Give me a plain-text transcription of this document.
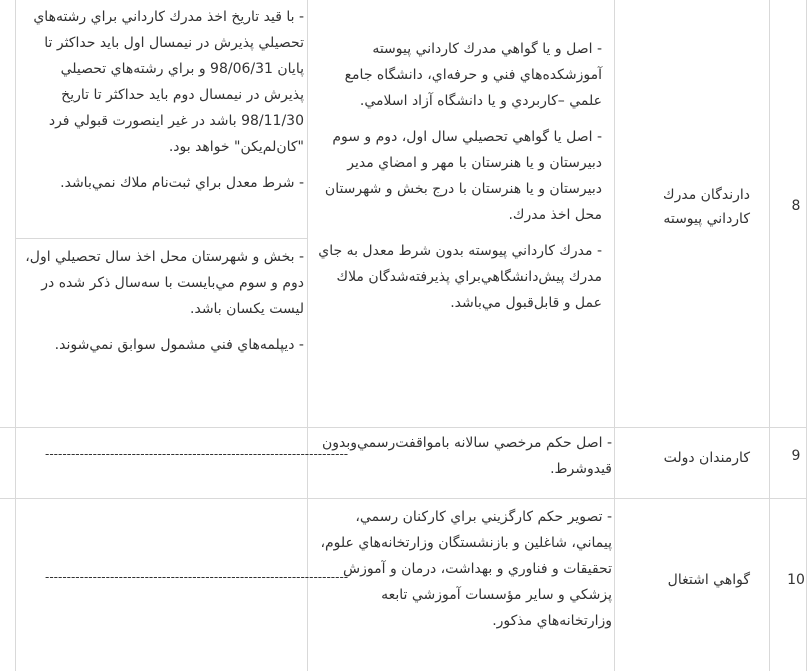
8
دارندگان مدرك كارداني پيوسته

- اصل و يا گواهي مدرك كارداني پيوسته آموزشكده‌هاي فني و حرفه‌اي، دانشگاه جامع علمي –كاربردي و يا دانشگاه آزاد اسلامي.

- اصل يا گواهي تحصيلي سال اول، دوم و سوم دبيرستان و يا هنرستان با مهر و امضاي مدير دبيرستان و يا هنرستان با درج بخش و شهرستان محل اخذ مدرك.

- مدرك كارداني پيوسته بدون شرط معدل به جاي مدرك پيش‌دانشگاهي‌براي پذيرفته‌شدگان ملاك عمل و قابل‌قبول مي‌باشد.

- با قيد تاريخ اخذ مدرك كارداني براي رشته‌هاي تحصيلي پذيرش در نيمسال اول بايد حداكثر تا پايان 98/06/31 و براي رشته‌هاي تحصيلي پذيرش در نيمسال دوم بايد حداكثر تا تاريخ 98/11/30 باشد در غير اينصورت قبولي فرد "كان‌لم‌يكن" خواهد بود.

- شرط معدل براي ثبت‌نام ملاك نمي‌باشد.

- بخش و شهرستان محل اخذ سال تحصيلي اول، دوم و سوم مي‌بايست با سه‌سال ذكر شده در ليست يكسان باشد.

- ديپلمه‌هاي فني مشمول سوابق نمي‌شوند.

9
كارمندان دولت

- اصل حكم مرخصي سالانه بامواقفت‌رسمي‌وبدون قيدوشرط.

----------------------------------------------------------------------
10
گواهي اشتغال

- تصوير حكم كارگزيني براي كاركنان رسمي، پيماني، شاغلين و بازنشستگان وزارتخانه‌هاي علوم، تحقيقات و فناوري و بهداشت، درمان و آموزش پزشكي و ساير مؤسسات آموزشي تابعه وزارتخانه‌هاي مذكور.

----------------------------------------------------------------------
